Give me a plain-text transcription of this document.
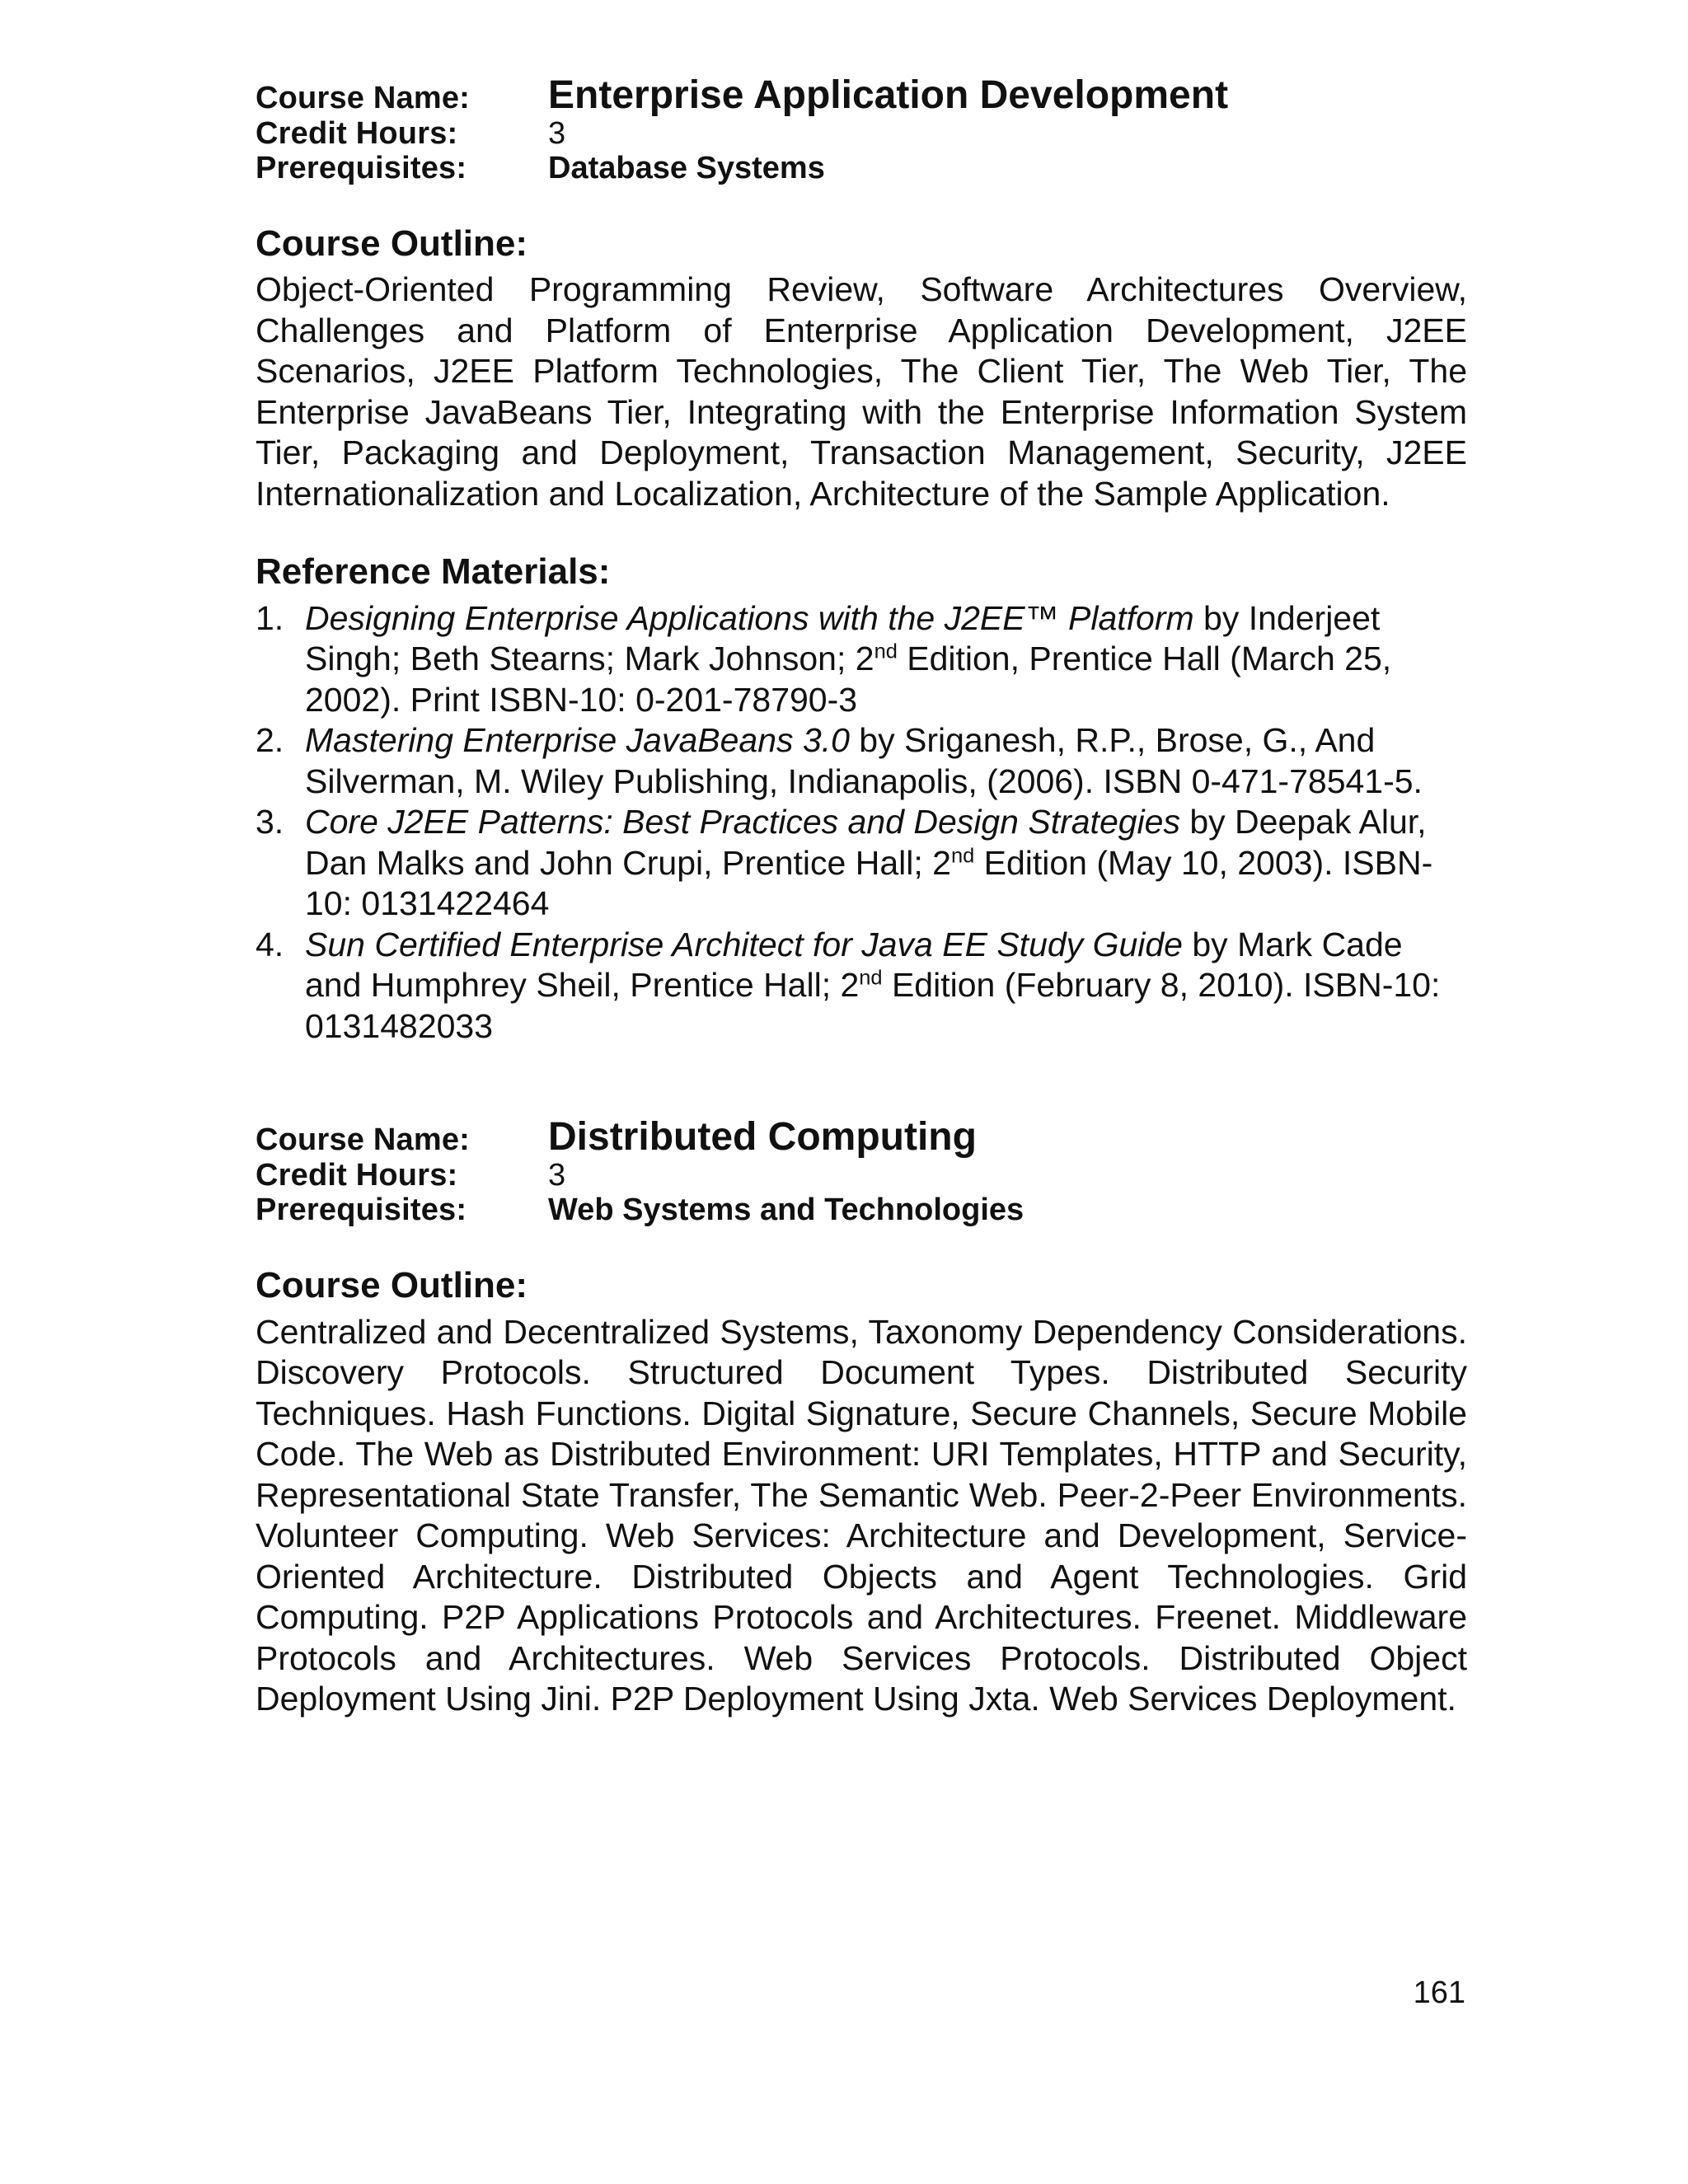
Course Name:	Enterprise Application Development
Credit Hours:	3
Prerequisites:	Database Systems
Course Outline:

Object-Oriented Programming Review, Software Architectures Overview, Challenges and Platform of Enterprise Application Development, J2EE Scenarios, J2EE Platform Technologies, The Client Tier, The Web Tier, The Enterprise JavaBeans Tier, Integrating with the Enterprise Information System Tier, Packaging and Deployment, Transaction Management, Security, J2EE Internationalization and Localization, Architecture of the Sample Application.

Reference Materials:
1. Designing Enterprise Applications with the J2EE™ Platform by Inderjeet Singh; Beth Stearns; Mark Johnson; 2nd Edition, Prentice Hall (March 25, 2002). Print ISBN-10: 0-201-78790-3
2. Mastering Enterprise JavaBeans 3.0 by Sriganesh, R.P., Brose, G., And Silverman, M. Wiley Publishing, Indianapolis, (2006). ISBN 0-471-78541-5.
3. Core J2EE Patterns: Best Practices and Design Strategies by Deepak Alur, Dan Malks and John Crupi, Prentice Hall; 2nd Edition (May 10, 2003). ISBN-10: 0131422464
4. Sun Certified Enterprise Architect for Java EE Study Guide by Mark Cade and Humphrey Sheil, Prentice Hall; 2nd Edition (February 8, 2010). ISBN-10: 0131482033
Course Name:	Distributed Computing
Credit Hours:	3
Prerequisites:	Web Systems and Technologies
Course Outline:

Centralized and Decentralized Systems, Taxonomy Dependency Considerations. Discovery Protocols. Structured Document Types. Distributed Security Techniques. Hash Functions. Digital Signature, Secure Channels, Secure Mobile Code. The Web as Distributed Environment: URI Templates, HTTP and Security, Representational State Transfer, The Semantic Web. Peer-2-Peer Environments. Volunteer Computing. Web Services: Architecture and Development, Service-Oriented Architecture. Distributed Objects and Agent Technologies. Grid Computing. P2P Applications Protocols and Architectures. Freenet. Middleware Protocols and Architectures. Web Services Protocols. Distributed Object Deployment Using Jini. P2P Deployment Using Jxta. Web Services Deployment.

161
